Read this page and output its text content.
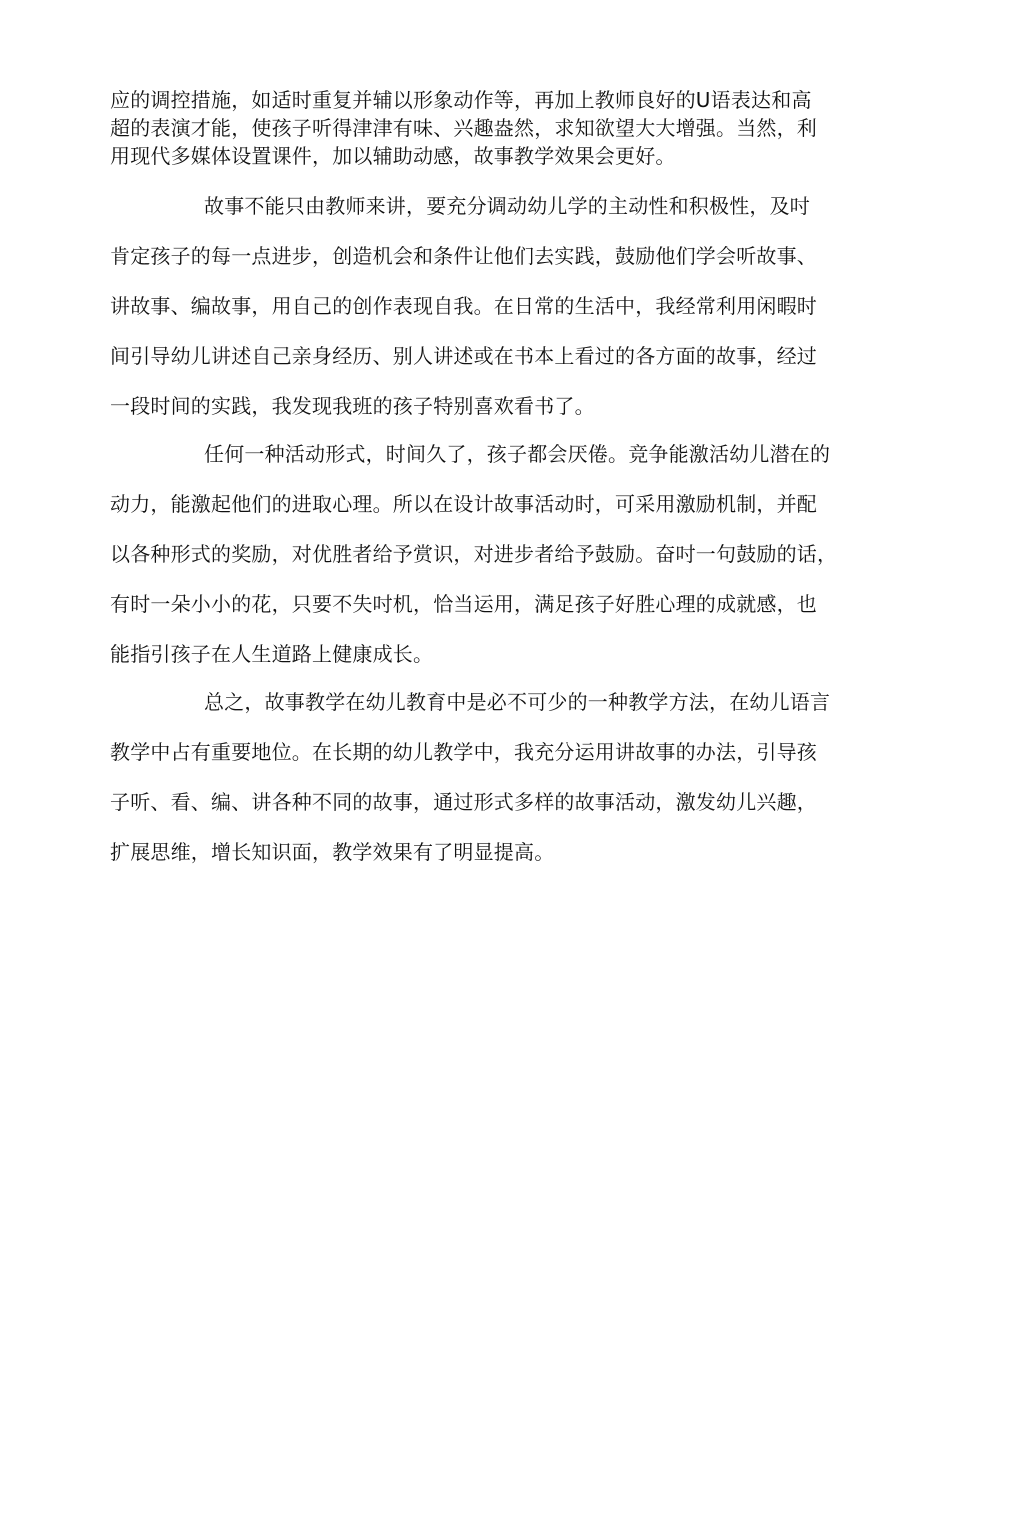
应的调控措施，如适时重复并辅以形象动作等，再加上教师良好的U语表达和高
超的表演才能，使孩子听得津津有味、兴趣盎然，求知欲望大大增强。当然，利
用现代多媒体设置课件，加以辅助动感，故事教学效果会更好。
故事不能只由教师来讲，要充分调动幼儿学的主动性和积极性，及吋
肯定孩子的每一点进步，创造机会和条件让他们去实践，鼓励他们学会听故事、
讲故事、编故事，用自己的创作表现自我。在日常的生活中，我经常利用闲暇时
间引导幼儿讲述自己亲身经历、别人讲述或在书本上看过的各方面的故事，经过
一段时间的实践，我发现我班的孩子特别喜欢看书了。
任何一种活动形式，时间久了，孩子都会厌倦。竞争能激活幼儿潜在的
动力，能激起他们的进取心理。所以在设计故事活动时，可采用激励机制，并配
以各种形式的奖励，对优胜者给予赏识，对进步者给予鼓励。奋吋一句鼓励的话，
有时一朵小小的花，只要不失吋机，恰当运用，满足孩子好胜心理的成就感，也
能指引孩子在人生道路上健康成长。
总之，故事教学在幼儿教育中是必不可少的一种教学方法，在幼儿语言
教学中占有重要地位。在长期的幼儿教学中，我充分运用讲故事的办法，引导孩
子听、看、编、讲各种不同的故事，通过形式多样的故事活动，激发幼儿兴趣，
扩展思维，增长知识面，教学效果有了明显提高。
